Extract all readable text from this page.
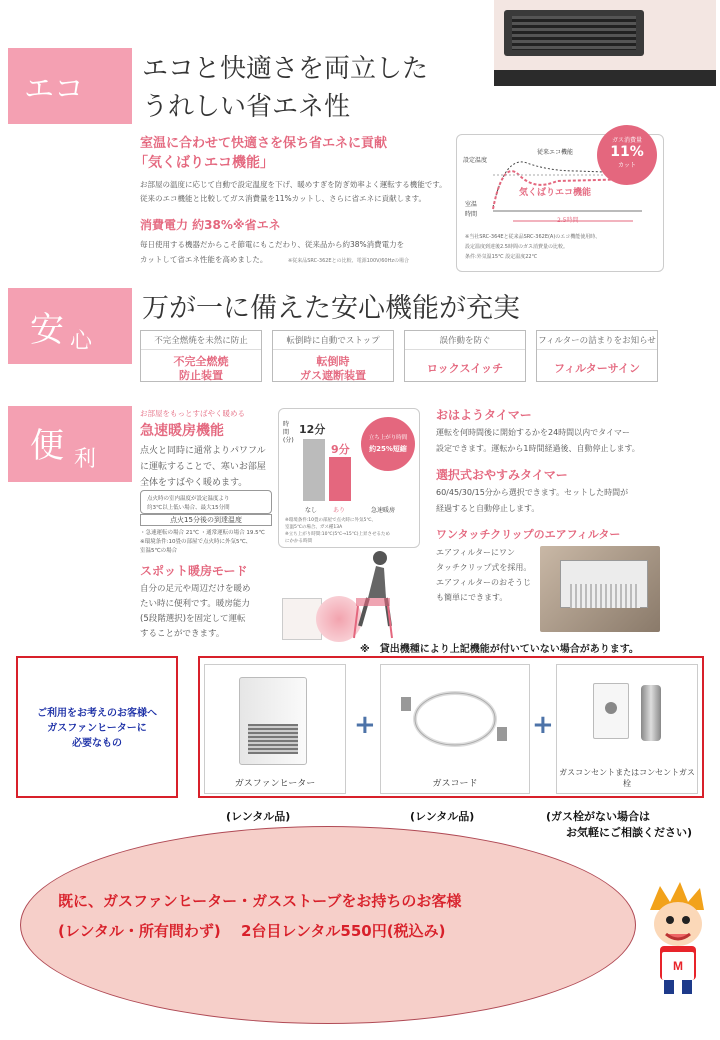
エコ
エコと快適さを両立した
うれしい省エネ性
室温に合わせて快適さを保ち省エネに貢献
「気くばりエコ機能」
お部屋の温度に応じて自動で設定温度を下げ、暖めすぎを防ぎ効率よく運転する機能です。
従来のエコ機能と比較してガス消費量を11%カットし、さらに省エネに貢献します。
消費電力 約38%※省エネ
毎日使用する機器だからこそ節電にもこだわり、従来品から約38%消費電力を
カットして省エネ性能を高めました。	※従来品SRC-362Eとの比較、電源100V/60Hzの場合
ガス消費量
11%
カット
従来エコ機能
気くばりエコ機能
設定温度
室温
時間
2.5時間
※当社SRC-364Eと従来品SRC-362E(A)のエコ機能使用時、
設定温度到達後2.5時間のガス消費量の比較。
条件:外気温15℃ 設定温度22℃
安 心
万が一に備えた安心機能が充実
不完全燃焼を未然に防止
不完全燃焼
防止装置
転倒時に自動でストップ
転倒時
ガス遮断装置
誤作動を防ぐ
ロックスイッチ
フィルターの詰まりをお知らせ
フィルターサイン
便 利
お部屋をもっとすばやく暖める
急速暖房機能
点火と同時に通常よりパワフル
に運転することで、寒いお部屋
全体をすばやく暖めます。
点火時の室内温度が設定温度より
約3℃以上低い場合、最大15分間
点火15分後の到達温度
・急速運転の場合 21℃ ・通常運転の場合 19.5℃
※環境条件:10畳の部屋で点火時に外気5℃、
室温5℃の場合
時間(分)
12分
9分
なし	あり	急速暖房
立ち上がり時間
約25%短縮
※環境条件:10畳の部屋で点火時に外気5℃、
室温5℃の場合、ガス種13A
※立ち上がり時間:10℃(5℃→15℃)上昇させるため
にかかる時間
スポット暖房モード
自分の足元や周辺だけを暖め
たい時に便利です。暖房能力
(5段階選択)を固定して運転
することができます。
おはようタイマー
運転を何時間後に開始するかを24時間以内でタイマー
設定できます。運転から1時間経過後、自動停止します。
選択式おやすみタイマー
60/45/30/15分から選択できます。セットした時間が
経過すると自動停止します。
ワンタッチクリップのエアフィルター
エアフィルターにワン
タッチクリップ式を採用。
エアフィルターのおそうじ
も簡単にできます。
※　貸出機種により上記機能が付いていない場合があります。
ご利用をお考えのお客様へ
ガスファンヒーターに
必要なもの
ガスファンヒーター
+
ガスコード
+
ガスコンセントまたはコンセントガス栓
(レンタル品)	(レンタル品)	(ガス栓がない場合は
お気軽にご相談ください)
既に、ガスファンヒーター・ガスストーブをお持ちのお客様
(レンタル・所有問わず)　 2台目レンタル550円(税込み)
M
